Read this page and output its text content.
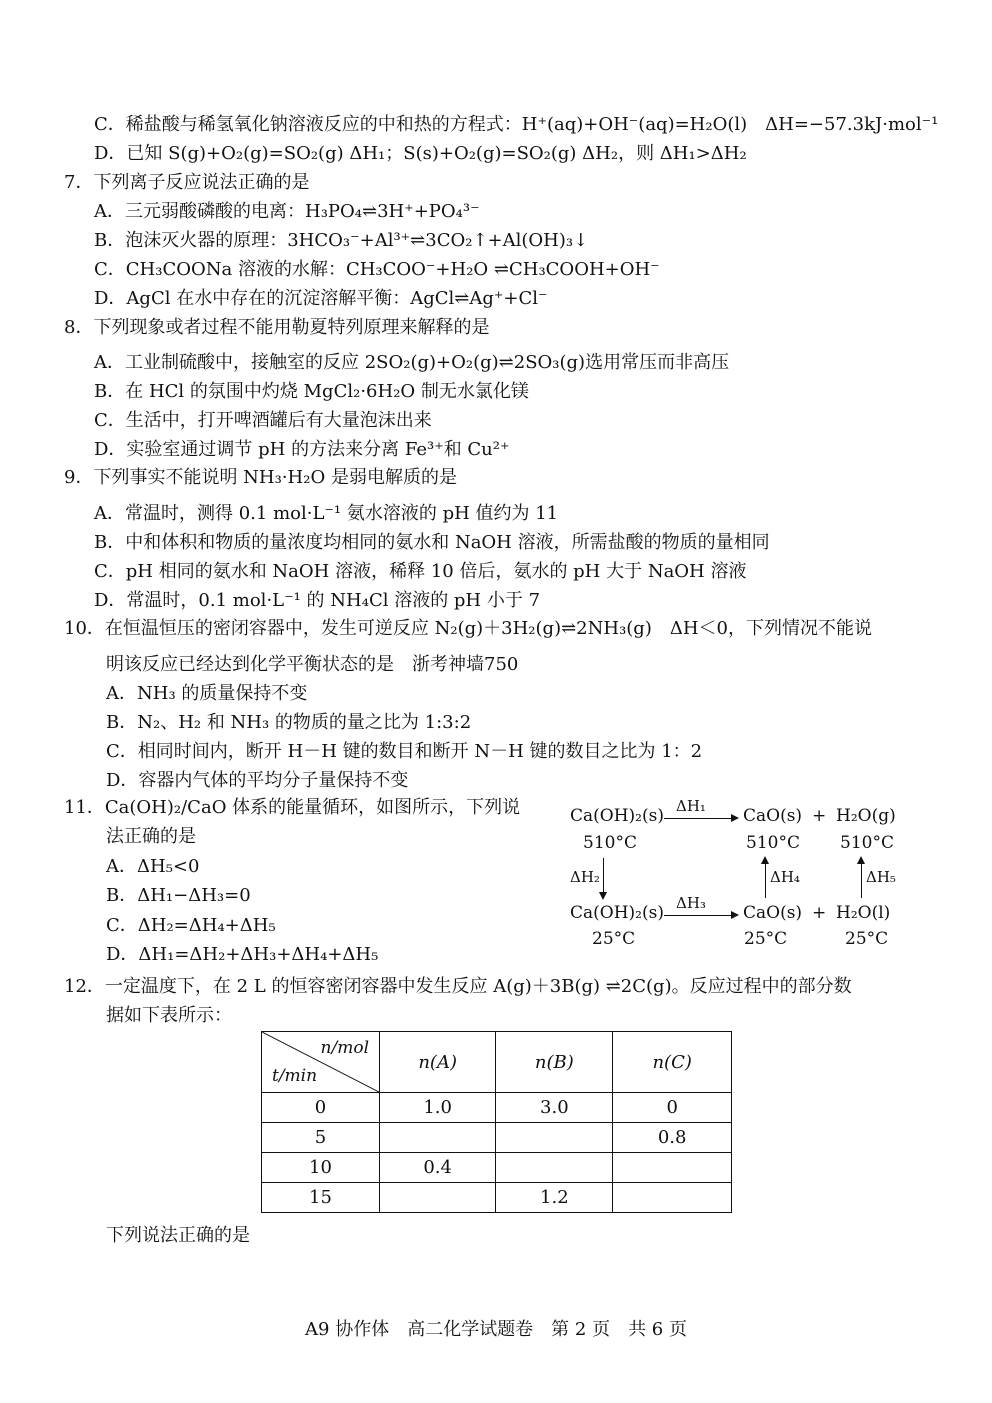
C．稀盐酸与稀氢氧化钠溶液反应的中和热的方程式：H⁺(aq)+OH⁻(aq)=H₂O(l)　ΔH=−57.3kJ·mol⁻¹
D．已知 S(g)+O₂(g)=SO₂(g) ΔH₁；S(s)+O₂(g)=SO₂(g) ΔH₂，则 ΔH₁>ΔH₂
7．下列离子反应说法正确的是
A．三元弱酸磷酸的电离：H₃PO₄⇌3H⁺+PO₄³⁻
B．泡沫灭火器的原理：3HCO₃⁻+Al³⁺⇌3CO₂↑+Al(OH)₃↓
C．CH₃COONa 溶液的水解：CH₃COO⁻+H₂O ⇌CH₃COOH+OH⁻
D．AgCl 在水中存在的沉淀溶解平衡：AgCl⇌Ag⁺+Cl⁻
8．下列现象或者过程不能用勒夏特列原理来解释的是
A．工业制硫酸中，接触室的反应 2SO₂(g)+O₂(g)⇌2SO₃(g)选用常压而非高压
B．在 HCl 的氛围中灼烧 MgCl₂·6H₂O 制无水氯化镁
C．生活中，打开啤酒罐后有大量泡沫出来
D．实验室通过调节 pH 的方法来分离 Fe³⁺和 Cu²⁺
9．下列事实不能说明 NH₃·H₂O 是弱电解质的是
A．常温时，测得 0.1 mol·L⁻¹ 氨水溶液的 pH 值约为 11
B．中和体积和物质的量浓度均相同的氨水和 NaOH 溶液，所需盐酸的物质的量相同
C．pH 相同的氨水和 NaOH 溶液，稀释 10 倍后，氨水的 pH 大于 NaOH 溶液
D．常温时，0.1 mol·L⁻¹ 的 NH₄Cl 溶液的 pH 小于 7
10．在恒温恒压的密闭容器中，发生可逆反应 N₂(g)＋3H₂(g)⇌2NH₃(g)　ΔH＜0，下列情况不能说
明该反应已经达到化学平衡状态的是　浙考神墙750
A．NH₃ 的质量保持不变
B．N₂、H₂ 和 NH₃ 的物质的量之比为 1:3:2
C．相同时间内，断开 H－H 键的数目和断开 N－H 键的数目之比为 1：2
D．容器内气体的平均分子量保持不变
11．Ca(OH)₂/CaO 体系的能量循环，如图所示，下列说
法正确的是
A．ΔH₅<0
B．ΔH₁−ΔH₃=0
C．ΔH₂=ΔH₄+ΔH₅
D．ΔH₁=ΔH₂+ΔH₃+ΔH₄+ΔH₅
12．一定温度下，在 2 L 的恒容密闭容器中发生反应 A(g)＋3B(g) ⇌2C(g)。反应过程中的部分数
据如下表所示：
下列说法正确的是
Ca(OH)₂(s) ΔH₁ CaO(s) + H₂O(g)
510°C	510°C 510°C
ΔH₂	ΔH₄	ΔH₅
Ca(OH)₂(s) ΔH₃ CaO(s) + H₂O(l)
25°C	25°C	25°C
n/mol
t/min	n(A)	n(B)	n(C)
0	1.0	3.0	0
5			0.8
10	0.4		
15		1.2	
A9 协作体　高二化学试题卷　第 2 页　共 6 页
